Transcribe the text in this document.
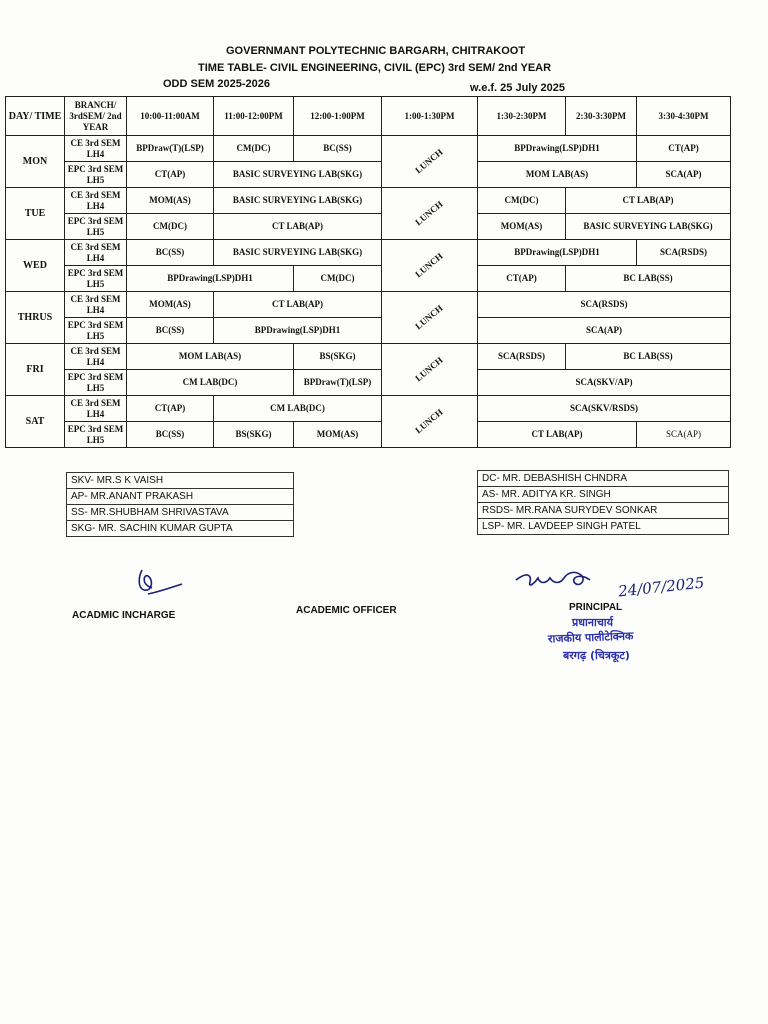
GOVERNMANT POLYTECHNIC BARGARH, CHITRAKOOT
TIME TABLE- CIVIL ENGINEERING, CIVIL (EPC) 3rd SEM/ 2nd YEAR
ODD SEM 2025-2026	w.e.f. 25 July 2025
DAY/ TIME	BRANCH/ 3rdSEM/ 2nd YEAR	10:00-11:00AM	11:00-12:00PM	12:00-1:00PM	1:00-1:30PM	1:30-2:30PM	2:30-3:30PM	3:30-4:30PM
MON	CE 3rd SEM LH4	BPDraw(T)(LSP)	CM(DC)	BC(SS)	LUNCH	BPDrawing(LSP)DH1		CT(AP)
	EPC 3rd SEM LH5	CT(AP)	BASIC SURVEYING LAB(SKG)			MOM LAB(AS)		SCA(AP)
TUE	CE 3rd SEM LH4	MOM(AS)	BASIC SURVEYING LAB(SKG)		LUNCH	CM(DC)	CT LAB(AP)	
	EPC 3rd SEM LH5	CM(DC)	CT LAB(AP)			MOM(AS)	BASIC SURVEYING LAB(SKG)	
WED	CE 3rd SEM LH4	BC(SS)	BASIC SURVEYING LAB(SKG)		LUNCH	BPDrawing(LSP)DH1		SCA(RSDS)
	EPC 3rd SEM LH5	BPDrawing(LSP)DH1		CM(DC)		CT(AP)	BC LAB(SS)	
THRUS	CE 3rd SEM LH4	MOM(AS)	CT LAB(AP)		LUNCH	SCA(RSDS)		
	EPC 3rd SEM LH5	BC(SS)	BPDrawing(LSP)DH1			SCA(AP)		
FRI	CE 3rd SEM LH4	MOM LAB(AS)		BS(SKG)	LUNCH	SCA(RSDS)	BC LAB(SS)	
	EPC 3rd SEM LH5	CM LAB(DC)		BPDraw(T)(LSP)		SCA(SKV/AP)		
SAT	CE 3rd SEM LH4	CT(AP)	CM LAB(DC)		LUNCH	SCA(SKV/RSDS)		
	EPC 3rd SEM LH5	BC(SS)	BS(SKG)	MOM(AS)		CT LAB(AP)		SCA(AP)
SKV- MR.S K VAISH
AP- MR.ANANT PRAKASH
SS- MR.SHUBHAM SHRIVASTAVA
SKG- MR. SACHIN KUMAR GUPTA
DC- MR. DEBASHISH CHNDRA
AS- MR. ADITYA KR. SINGH
RSDS- MR.RANA SURYDEV SONKAR
LSP- MR. LAVDEEP SINGH PATEL
ACADMIC INCHARGE	ACADEMIC OFFICER
24/07/2025
PRINCIPAL
प्रधानाचार्य
राजकीय पालीटेक्निक
बरगढ़ (चित्रकूट)
